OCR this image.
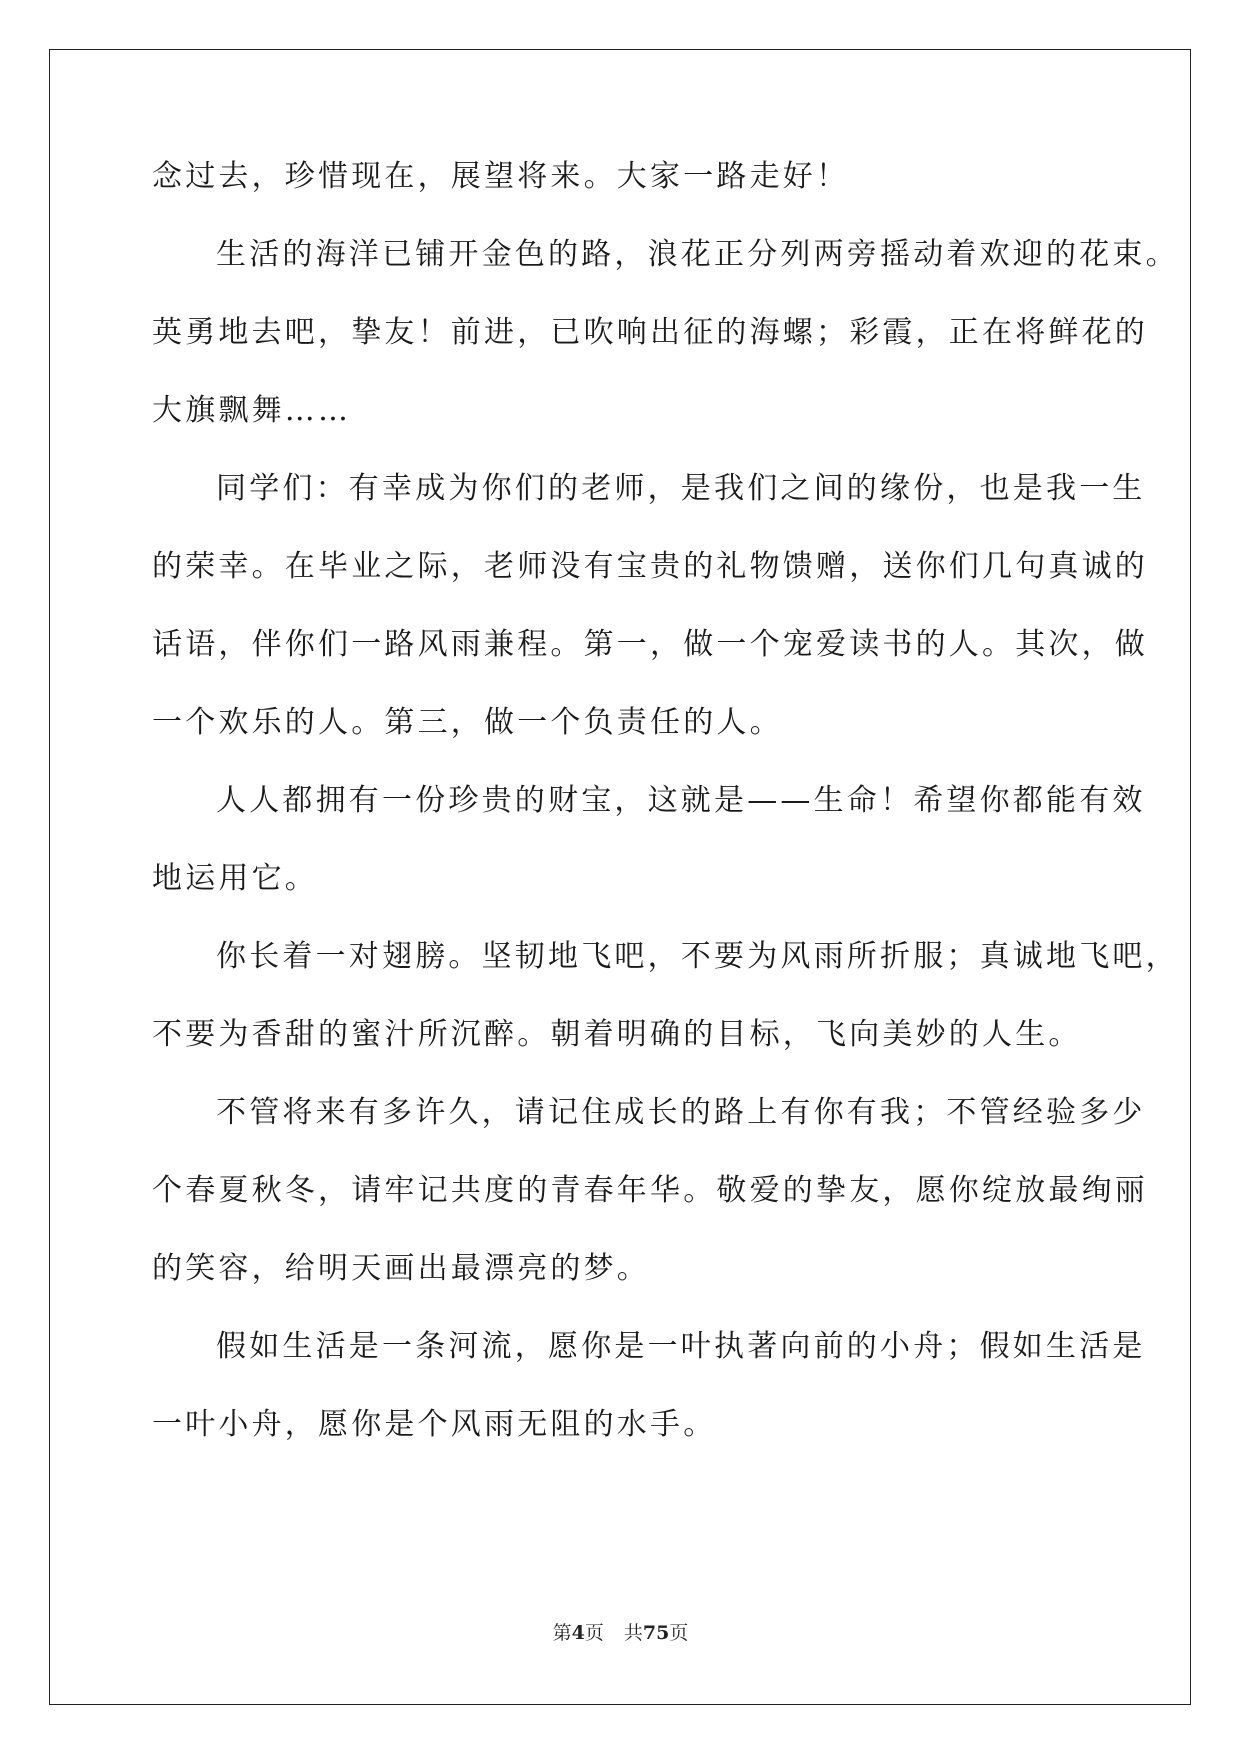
念过去，珍惜现在，展望将来。大家一路走好！
生活的海洋已铺开金色的路，浪花正分列两旁摇动着欢迎的花束。
英勇地去吧，挚友！前进，已吹响出征的海螺；彩霞，正在将鲜花的
大旗飘舞……
同学们：有幸成为你们的老师，是我们之间的缘份，也是我一生
的荣幸。在毕业之际，老师没有宝贵的礼物馈赠，送你们几句真诚的
话语，伴你们一路风雨兼程。第一，做一个宠爱读书的人。其次，做
一个欢乐的人。第三，做一个负责任的人。
人人都拥有一份珍贵的财宝，这就是——生命！希望你都能有效
地运用它。
你长着一对翅膀。坚韧地飞吧，不要为风雨所折服；真诚地飞吧，
不要为香甜的蜜汁所沉醉。朝着明确的目标，飞向美妙的人生。
不管将来有多许久，请记住成长的路上有你有我；不管经验多少
个春夏秋冬，请牢记共度的青春年华。敬爱的挚友，愿你绽放最绚丽
的笑容，给明天画出最漂亮的梦。
假如生活是一条河流，愿你是一叶执著向前的小舟；假如生活是
一叶小舟，愿你是个风雨无阻的水手。
第4页 共75页
